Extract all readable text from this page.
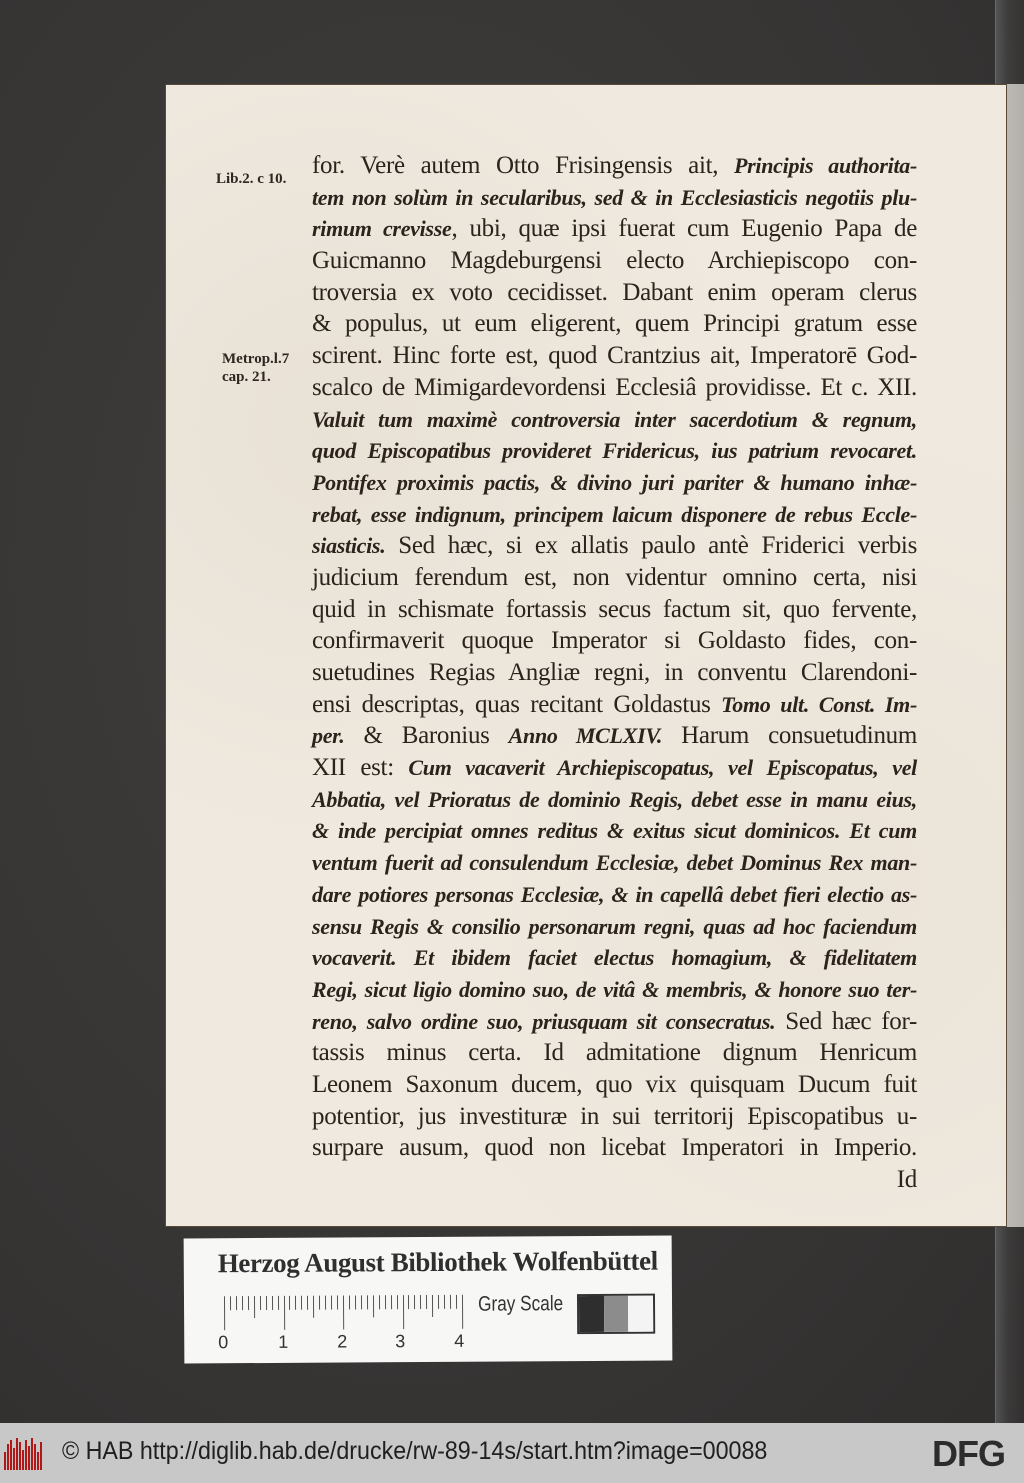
Lib.2. c 10.
Metrop.l.7
cap. 21.
for. Verè autem Otto Frisingensis ait, Principis authorita-
tem non solùm in secularibus, sed & in Ecclesiasticis negotiis plu-
rimum crevisse, ubi, quæ ipsi fuerat cum Eugenio Papa de
Guicmanno Magdeburgensi electo Archiepiscopo con-
troversia ex voto cecidisset. Dabant enim operam clerus
& populus, ut eum eligerent, quem Principi gratum esse
scirent. Hinc forte est, quod Crantzius ait, Imperatorē God-
scalco de Mimigardevordensi Ecclesiâ providisse. Et c. XII.
Valuit tum maximè controversia inter sacerdotium & regnum,
quod Episcopatibus provideret Fridericus, ius patrium revocaret.
Pontifex proximis pactis, & divino juri pariter & humano inhæ-
rebat, esse indignum, principem laicum disponere de rebus Eccle-
siasticis. Sed hæc, si ex allatis paulo antè Friderici verbis
judicium ferendum est, non videntur omnino certa, nisi
quid in schismate fortassis secus factum sit, quo fervente,
confirmaverit quoque Imperator si Goldasto fides, con-
suetudines Regias Angliæ regni, in conventu Clarendoni-
ensi descriptas, quas recitant Goldastus Tomo ult. Const. Im-
per. & Baronius Anno MCLXIV. Harum consuetudinum
XII est: Cum vacaverit Archiepiscopatus, vel Episcopatus, vel
Abbatia, vel Prioratus de dominio Regis, debet esse in manu eius,
& inde percipiat omnes reditus & exitus sicut dominicos. Et cum
ventum fuerit ad consulendum Ecclesiæ, debet Dominus Rex man-
dare potiores personas Ecclesiæ, & in capellâ debet fieri electio as-
sensu Regis & consilio personarum regni, quas ad hoc faciendum
vocaverit. Et ibidem faciet electus homagium, & fidelitatem
Regi, sicut ligio domino suo, de vitâ & membris, & honore suo ter-
reno, salvo ordine suo, priusquam sit consecratus. Sed hæc for-
tassis minus certa. Id admitatione dignum Henricum
Leonem Saxonum ducem, quo vix quisquam Ducum fuit
potentior, jus investituræ in sui territorij Episcopatibus u-
surpare ausum, quod non licebat Imperatori in Imperio.
Id
Herzog August Bibliothek Wolfenbüttel
0	1	2	3	4
Gray Scale
© HAB http://diglib.hab.de/drucke/rw-89-14s/start.htm?image=00088	DFG
